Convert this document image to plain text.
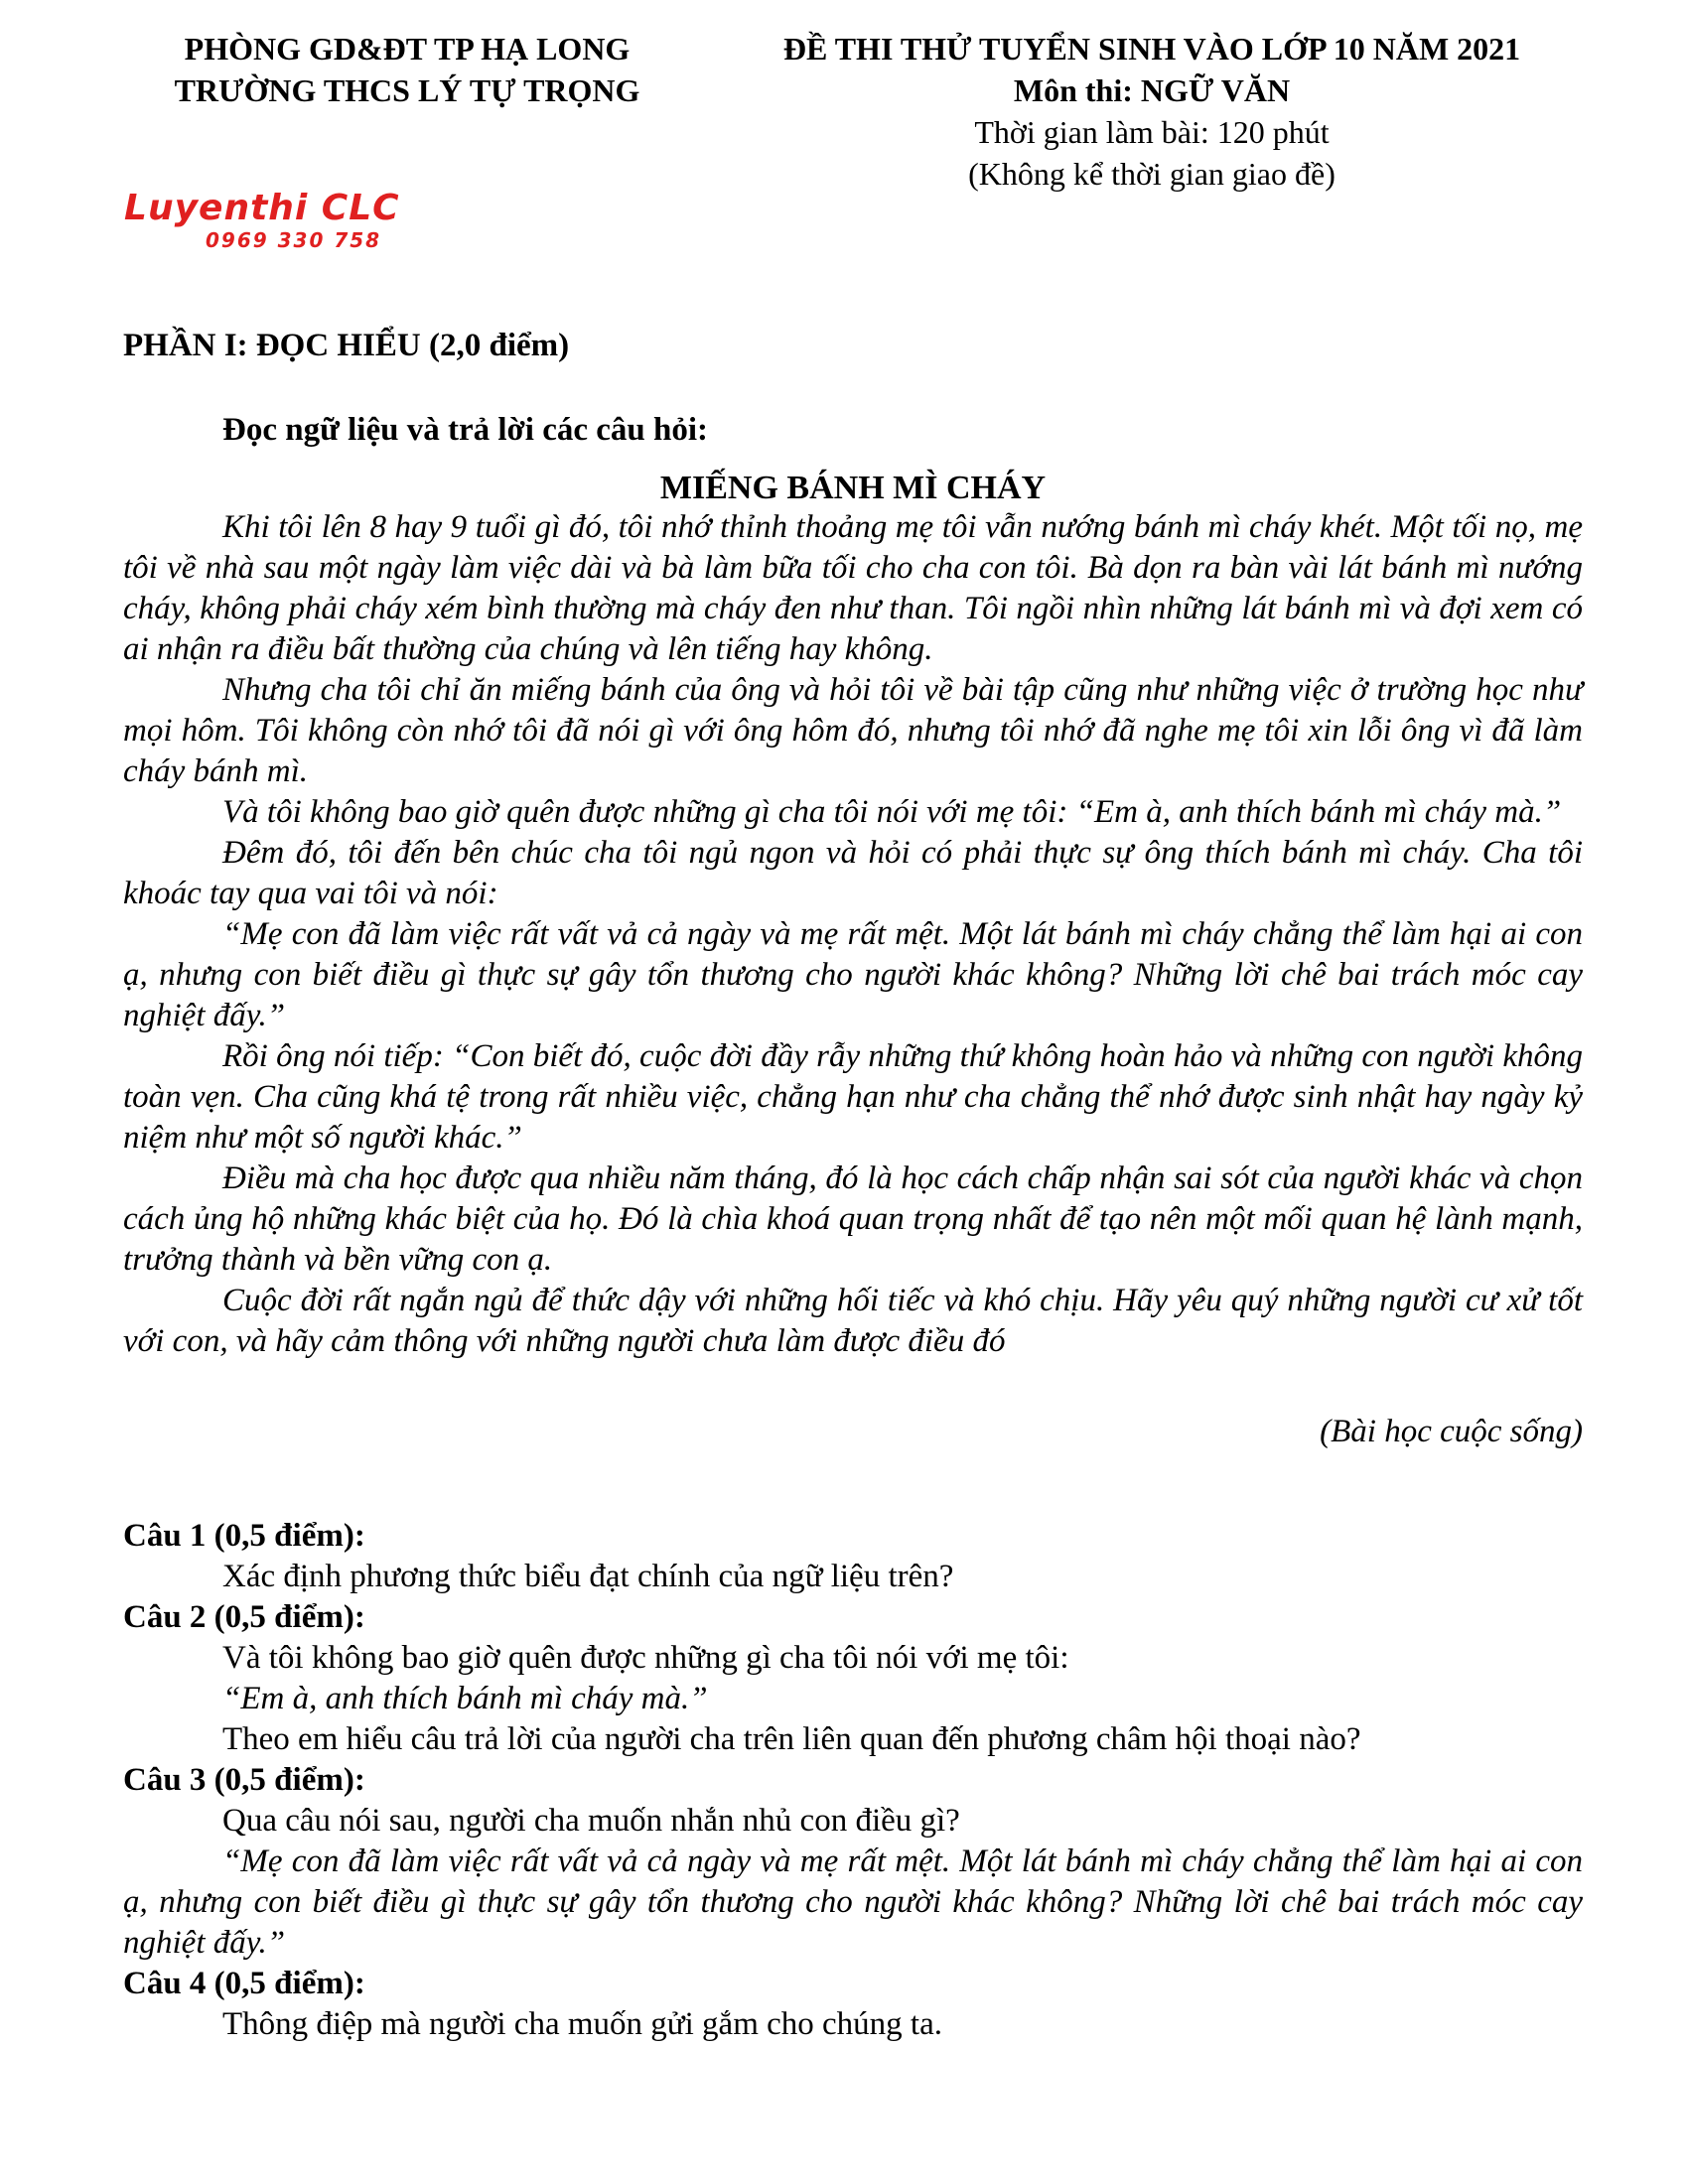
PHÒNG GD&ĐT TP HẠ LONG
TRƯỜNG THCS LÝ TỰ TRỌNG
ĐỀ THI THỬ TUYỂN SINH VÀO LỚP 10 NĂM 2021
Môn thi: NGỮ VĂN
Thời gian làm bài: 120 phút
(Không kể thời gian giao đề)
Luyenthi CLC
0969 330 758
PHẦN I: ĐỌC HIỂU (2,0 điểm)
Đọc ngữ liệu và trả lời các câu hỏi:
MIẾNG BÁNH MÌ CHÁY

Khi tôi lên 8 hay 9 tuổi gì đó, tôi nhớ thỉnh thoảng mẹ tôi vẫn nướng bánh mì cháy khét. Một tối nọ, mẹ tôi về nhà sau một ngày làm việc dài và bà làm bữa tối cho cha con tôi. Bà dọn ra bàn vài lát bánh mì nướng cháy, không phải cháy xém bình thường mà cháy đen như than. Tôi ngồi nhìn những lát bánh mì và đợi xem có ai nhận ra điều bất thường của chúng và lên tiếng hay không.

Nhưng cha tôi chỉ ăn miếng bánh của ông và hỏi tôi về bài tập cũng như những việc ở trường học như mọi hôm. Tôi không còn nhớ tôi đã nói gì với ông hôm đó, nhưng tôi nhớ đã nghe mẹ tôi xin lỗi ông vì đã làm cháy bánh mì.

Và tôi không bao giờ quên được những gì cha tôi nói với mẹ tôi: “Em à, anh thích bánh mì cháy mà.”

Đêm đó, tôi đến bên chúc cha tôi ngủ ngon và hỏi có phải thực sự ông thích bánh mì cháy. Cha tôi khoác tay qua vai tôi và nói:

“Mẹ con đã làm việc rất vất vả cả ngày và mẹ rất mệt. Một lát bánh mì cháy chẳng thể làm hại ai con ạ, nhưng con biết điều gì thực sự gây tổn thương cho người khác không? Những lời chê bai trách móc cay nghiệt đấy.”

Rồi ông nói tiếp: “Con biết đó, cuộc đời đầy rẫy những thứ không hoàn hảo và những con người không toàn vẹn. Cha cũng khá tệ trong rất nhiều việc, chẳng hạn như cha chẳng thể nhớ được sinh nhật hay ngày kỷ niệm như một số người khác.”

Điều mà cha học được qua nhiều năm tháng, đó là học cách chấp nhận sai sót của người khác và chọn cách ủng hộ những khác biệt của họ. Đó là chìa khoá quan trọng nhất để tạo nên một mối quan hệ lành mạnh, trưởng thành và bền vững con ạ.

Cuộc đời rất ngắn ngủ để thức dậy với những hối tiếc và khó chịu. Hãy yêu quý những người cư xử tốt với con, và hãy cảm thông với những người chưa làm được điều đó

(Bài học cuộc sống)

Câu 1 (0,5 điểm):

Xác định phương thức biểu đạt chính của ngữ liệu trên?

Câu 2 (0,5 điểm):

Và tôi không bao giờ quên được những gì cha tôi nói với mẹ tôi:

“Em à, anh thích bánh mì cháy mà.”

Theo em hiểu câu trả lời của người cha trên liên quan đến phương châm hội thoại nào?

Câu 3 (0,5 điểm):

Qua câu nói sau, người cha muốn nhắn nhủ con điều gì?

“Mẹ con đã làm việc rất vất vả cả ngày và mẹ rất mệt. Một lát bánh mì cháy chẳng thể làm hại ai con ạ, nhưng con biết điều gì thực sự gây tổn thương cho người khác không? Những lời chê bai trách móc cay nghiệt đấy.”

Câu 4 (0,5 điểm):

Thông điệp mà người cha muốn gửi gắm cho chúng ta.
